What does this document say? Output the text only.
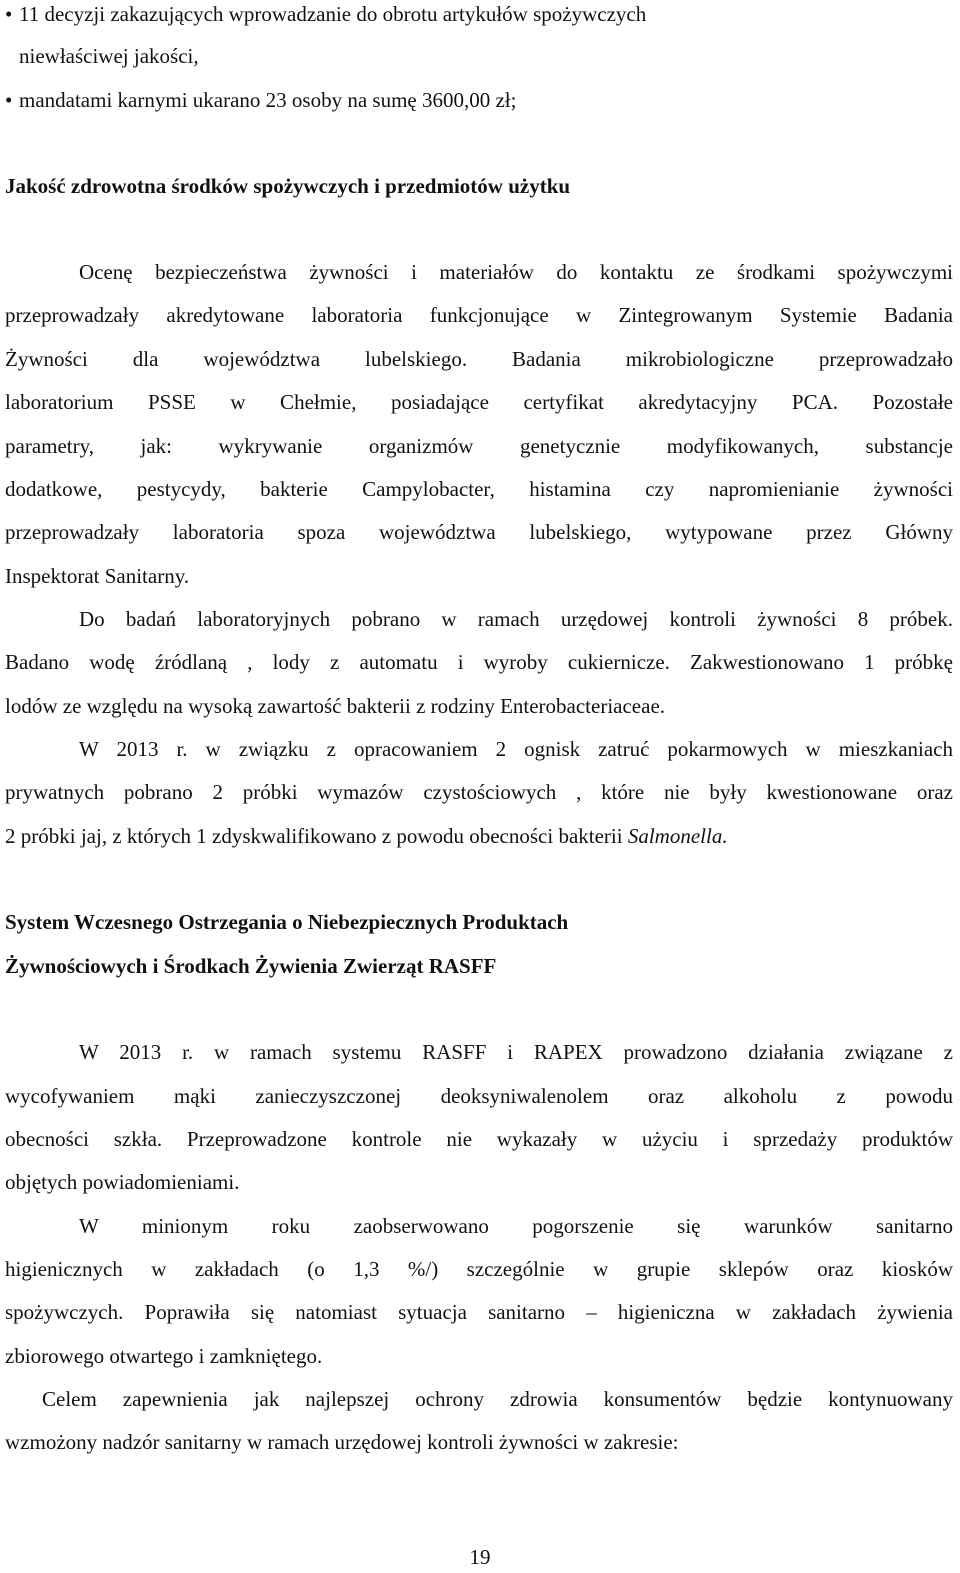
• 11 decyzji zakazujących wprowadzanie do obrotu artykułów spożywczych
niewłaściwej jakości,
• mandatami karnymi ukarano 23 osoby na sumę 3600,00 zł;
Jakość zdrowotna środków spożywczych i przedmiotów użytku
Ocenę bezpieczeństwa żywności i materiałów do kontaktu ze środkami spożywczymi
przeprowadzały akredytowane laboratoria funkcjonujące w Zintegrowanym Systemie Badania
Żywności dla województwa lubelskiego. Badania mikrobiologiczne przeprowadzało
laboratorium PSSE w Chełmie, posiadające certyfikat akredytacyjny PCA. Pozostałe
parametry, jak: wykrywanie organizmów genetycznie modyfikowanych, substancje
dodatkowe, pestycydy, bakterie Campylobacter, histamina czy napromienianie żywności
przeprowadzały laboratoria spoza województwa lubelskiego, wytypowane przez Główny
Inspektorat Sanitarny.
Do badań laboratoryjnych pobrano w ramach urzędowej kontroli żywności 8 próbek.
Badano wodę źródlaną , lody z automatu i wyroby cukiernicze. Zakwestionowano 1 próbkę
lodów ze względu na wysoką zawartość bakterii z rodziny Enterobacteriaceae.
W 2013 r. w związku z opracowaniem 2 ognisk zatruć pokarmowych w mieszkaniach
prywatnych pobrano 2 próbki wymazów czystościowych , które nie były kwestionowane oraz
2 próbki jaj, z których 1 zdyskwalifikowano z powodu obecności bakterii Salmonella.
System Wczesnego Ostrzegania o Niebezpiecznych Produktach
Żywnościowych i Środkach Żywienia Zwierząt RASFF
W 2013 r. w ramach systemu RASFF i RAPEX prowadzono działania związane z
wycofywaniem mąki zanieczyszczonej deoksyniwalenolem oraz alkoholu z powodu
obecności szkła. Przeprowadzone kontrole nie wykazały w użyciu i sprzedaży produktów
objętych powiadomieniami.
W minionym roku zaobserwowano pogorszenie się warunków sanitarno
higienicznych w zakładach (o 1,3 %/) szczególnie w grupie sklepów oraz kiosków
spożywczych. Poprawiła się natomiast sytuacja sanitarno – higieniczna w zakładach żywienia
zbiorowego otwartego i zamkniętego.
Celem zapewnienia jak najlepszej ochrony zdrowia konsumentów będzie kontynuowany
wzmożony nadzór sanitarny w ramach urzędowej kontroli żywności w zakresie:
19
